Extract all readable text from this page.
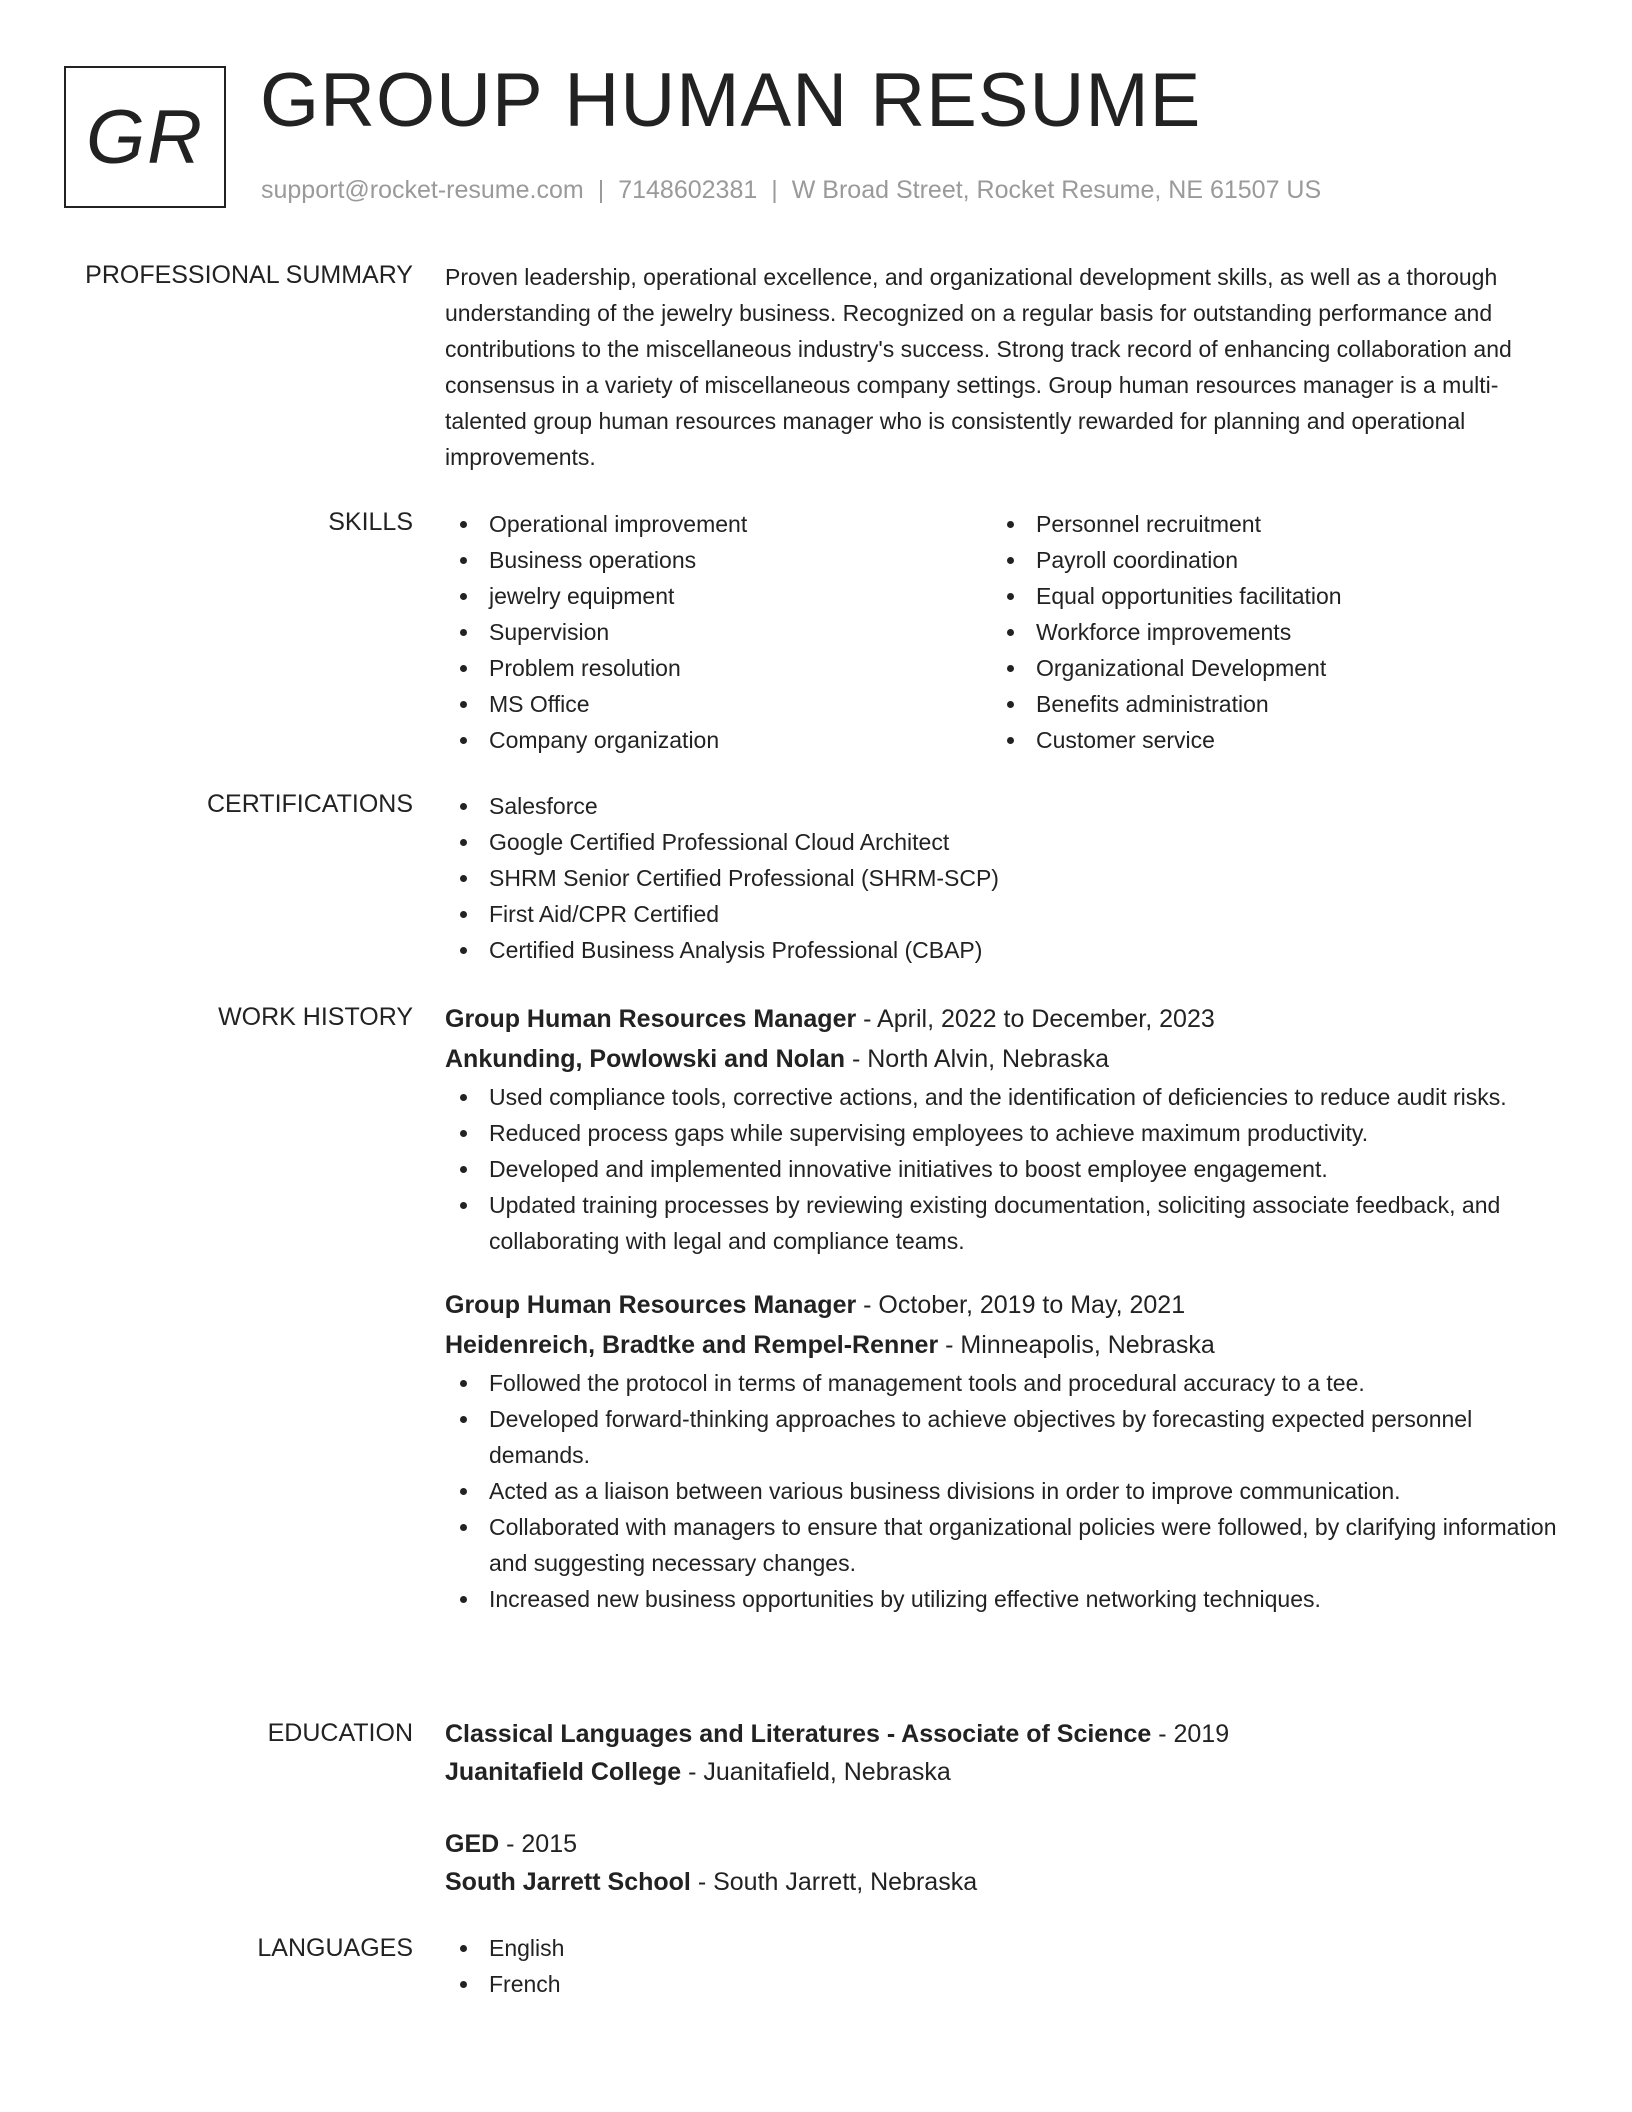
GR GROUP HUMAN RESUME
support@rocket-resume.com | 7148602381 | W Broad Street, Rocket Resume, NE 61507 US
PROFESSIONAL SUMMARY Proven leadership, operational excellence, and organizational development skills, as well as a thorough understanding of the jewelry business. Recognized on a regular basis for outstanding performance and contributions to the miscellaneous industry's success. Strong track record of enhancing collaboration and consensus in a variety of miscellaneous company settings. Group human resources manager is a multi-talented group human resources manager who is consistently rewarded for planning and operational improvements.

SKILLS	Operational improvement
Business operations
jewelry equipment
Supervision
Problem resolution
MS Office
Company organization
Personnel recruitment
Payroll coordination
Equal opportunities facilitation
Workforce improvements
Organizational Development
Benefits administration
Customer service
CERTIFICATIONS	Salesforce
Google Certified Professional Cloud Architect
SHRM Senior Certified Professional (SHRM-SCP)
First Aid/CPR Certified
Certified Business Analysis Professional (CBAP)
WORK HISTORY Group Human Resources Manager - April, 2022 to December, 2023
Ankunding, Powlowski and Nolan - North Alvin, Nebraska
Used compliance tools, corrective actions, and the identification of deficiencies to reduce audit risks.
Reduced process gaps while supervising employees to achieve maximum productivity.
Developed and implemented innovative initiatives to boost employee engagement.
Updated training processes by reviewing existing documentation, soliciting associate feedback, and collaborating with legal and compliance teams.
Group Human Resources Manager - October, 2019 to May, 2021
Heidenreich, Bradtke and Rempel-Renner - Minneapolis, Nebraska
Followed the protocol in terms of management tools and procedural accuracy to a tee.
Developed forward-thinking approaches to achieve objectives by forecasting expected personnel demands.
Acted as a liaison between various business divisions in order to improve communication.
Collaborated with managers to ensure that organizational policies were followed, by clarifying information and suggesting necessary changes.
Increased new business opportunities by utilizing effective networking techniques.
EDUCATION Classical Languages and Literatures - Associate of Science - 2019
Juanitafield College - Juanitafield, Nebraska
GED - 2015
South Jarrett School - South Jarrett, Nebraska
LANGUAGES	English
French
